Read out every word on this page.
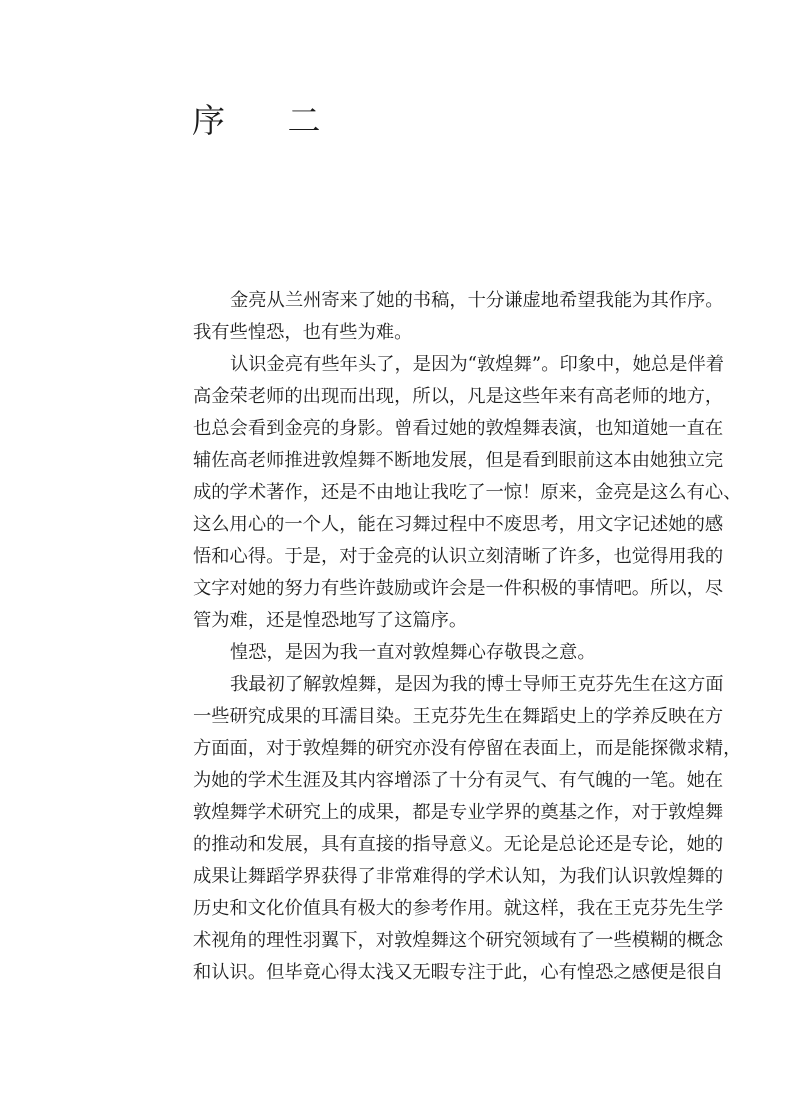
序 二
金亮从兰州寄来了她的书稿，十分谦虚地希望我能为其作序。
我有些惶恐，也有些为难。
认识金亮有些年头了，是因为“敦煌舞”。印象中，她总是伴着
高金荣老师的出现而出现，所以，凡是这些年来有高老师的地方，
也总会看到金亮的身影。曾看过她的敦煌舞表演，也知道她一直在
辅佐高老师推进敦煌舞不断地发展，但是看到眼前这本由她独立完
成的学术著作，还是不由地让我吃了一惊！原来，金亮是这么有心、
这么用心的一个人，能在习舞过程中不废思考，用文字记述她的感
悟和心得。于是，对于金亮的认识立刻清晰了许多，也觉得用我的
文字对她的努力有些许鼓励或许会是一件积极的事情吧。所以，尽
管为难，还是惶恐地写了这篇序。
惶恐，是因为我一直对敦煌舞心存敬畏之意。
我最初了解敦煌舞，是因为我的博士导师王克芬先生在这方面
一些研究成果的耳濡目染。王克芬先生在舞蹈史上的学养反映在方
方面面，对于敦煌舞的研究亦没有停留在表面上，而是能探微求精，
为她的学术生涯及其内容增添了十分有灵气、有气魄的一笔。她在
敦煌舞学术研究上的成果，都是专业学界的奠基之作，对于敦煌舞
的推动和发展，具有直接的指导意义。无论是总论还是专论，她的
成果让舞蹈学界获得了非常难得的学术认知，为我们认识敦煌舞的
历史和文化价值具有极大的参考作用。就这样，我在王克芬先生学
术视角的理性羽翼下，对敦煌舞这个研究领域有了一些模糊的概念
和认识。但毕竟心得太浅又无暇专注于此，心有惶恐之感便是很自
